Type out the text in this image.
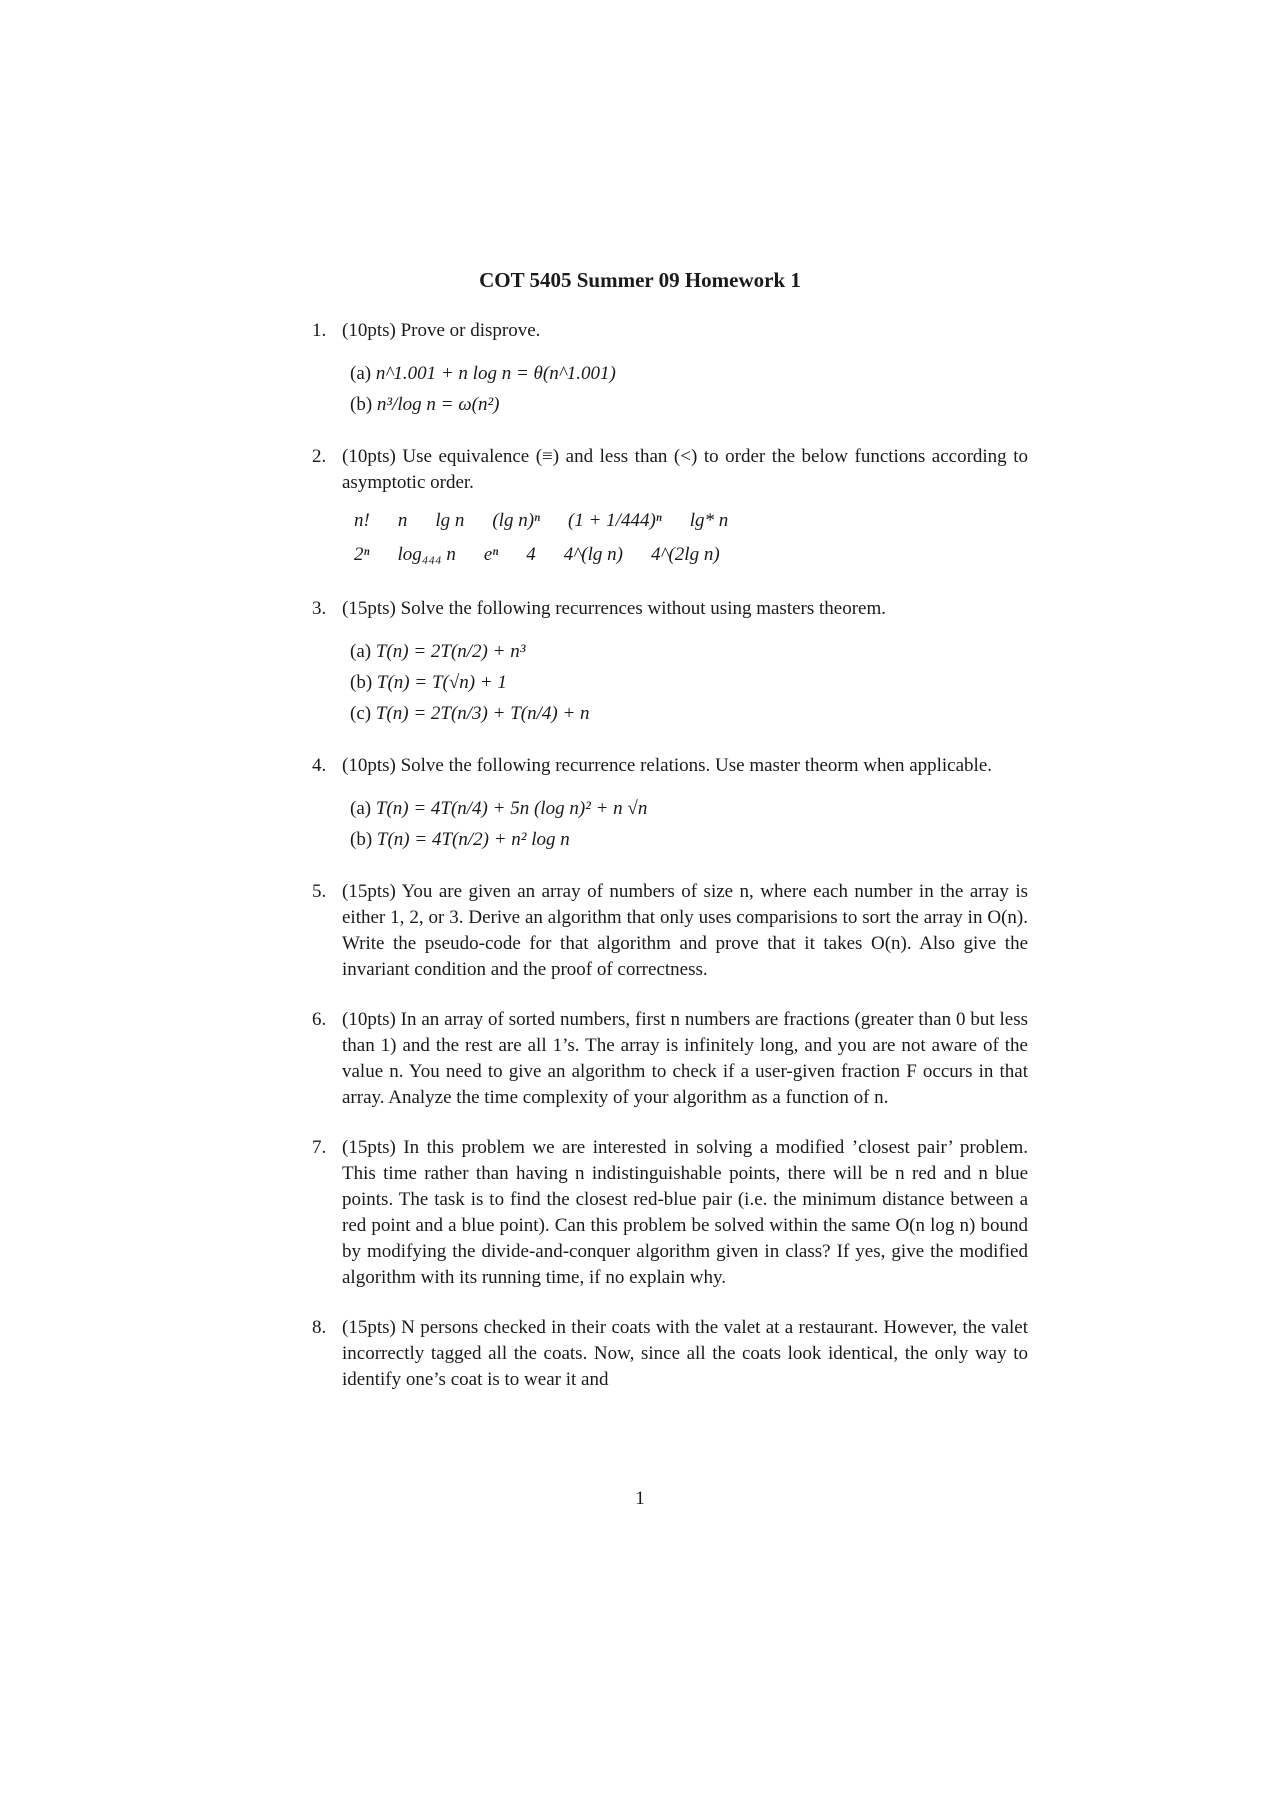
COT 5405 Summer 09 Homework 1
1. (10pts) Prove or disprove.
(a) n^1.001 + n log n = θ(n^1.001)
(b) n³/log n = ω(n²)
2. (10pts) Use equivalence (≡) and less than (<) to order the below functions according to asymptotic order.
n! n lg n (lg n)ⁿ (1 + 1/444)ⁿ lg* n
2ⁿ log₄₄₄ n eⁿ 4 4^(lg n) 4^(2lg n)
3. (15pts) Solve the following recurrences without using masters theorem.
(a) T(n) = 2T(n/2) + n³
(b) T(n) = T(√n) + 1
(c) T(n) = 2T(n/3) + T(n/4) + n
4. (10pts) Solve the following recurrence relations. Use master theorm when applicable.
(a) T(n) = 4T(n/4) + 5n (log n)² + n √n
(b) T(n) = 4T(n/2) + n² log n
5. (15pts) You are given an array of numbers of size n, where each number in the array is either 1, 2, or 3. Derive an algorithm that only uses comparisions to sort the array in O(n). Write the pseudo-code for that algorithm and prove that it takes O(n). Also give the invariant condition and the proof of correctness.
6. (10pts) In an array of sorted numbers, first n numbers are fractions (greater than 0 but less than 1) and the rest are all 1’s. The array is infinitely long, and you are not aware of the value n. You need to give an algorithm to check if a user-given fraction F occurs in that array. Analyze the time complexity of your algorithm as a function of n.
7. (15pts) In this problem we are interested in solving a modified ’closest pair’ problem. This time rather than having n indistinguishable points, there will be n red and n blue points. The task is to find the closest red-blue pair (i.e. the minimum distance between a red point and a blue point). Can this problem be solved within the same O(n log n) bound by modifying the divide-and-conquer algorithm given in class? If yes, give the modified algorithm with its running time, if no explain why.
8. (15pts) N persons checked in their coats with the valet at a restaurant. However, the valet incorrectly tagged all the coats. Now, since all the coats look identical, the only way to identify one’s coat is to wear it and
1
